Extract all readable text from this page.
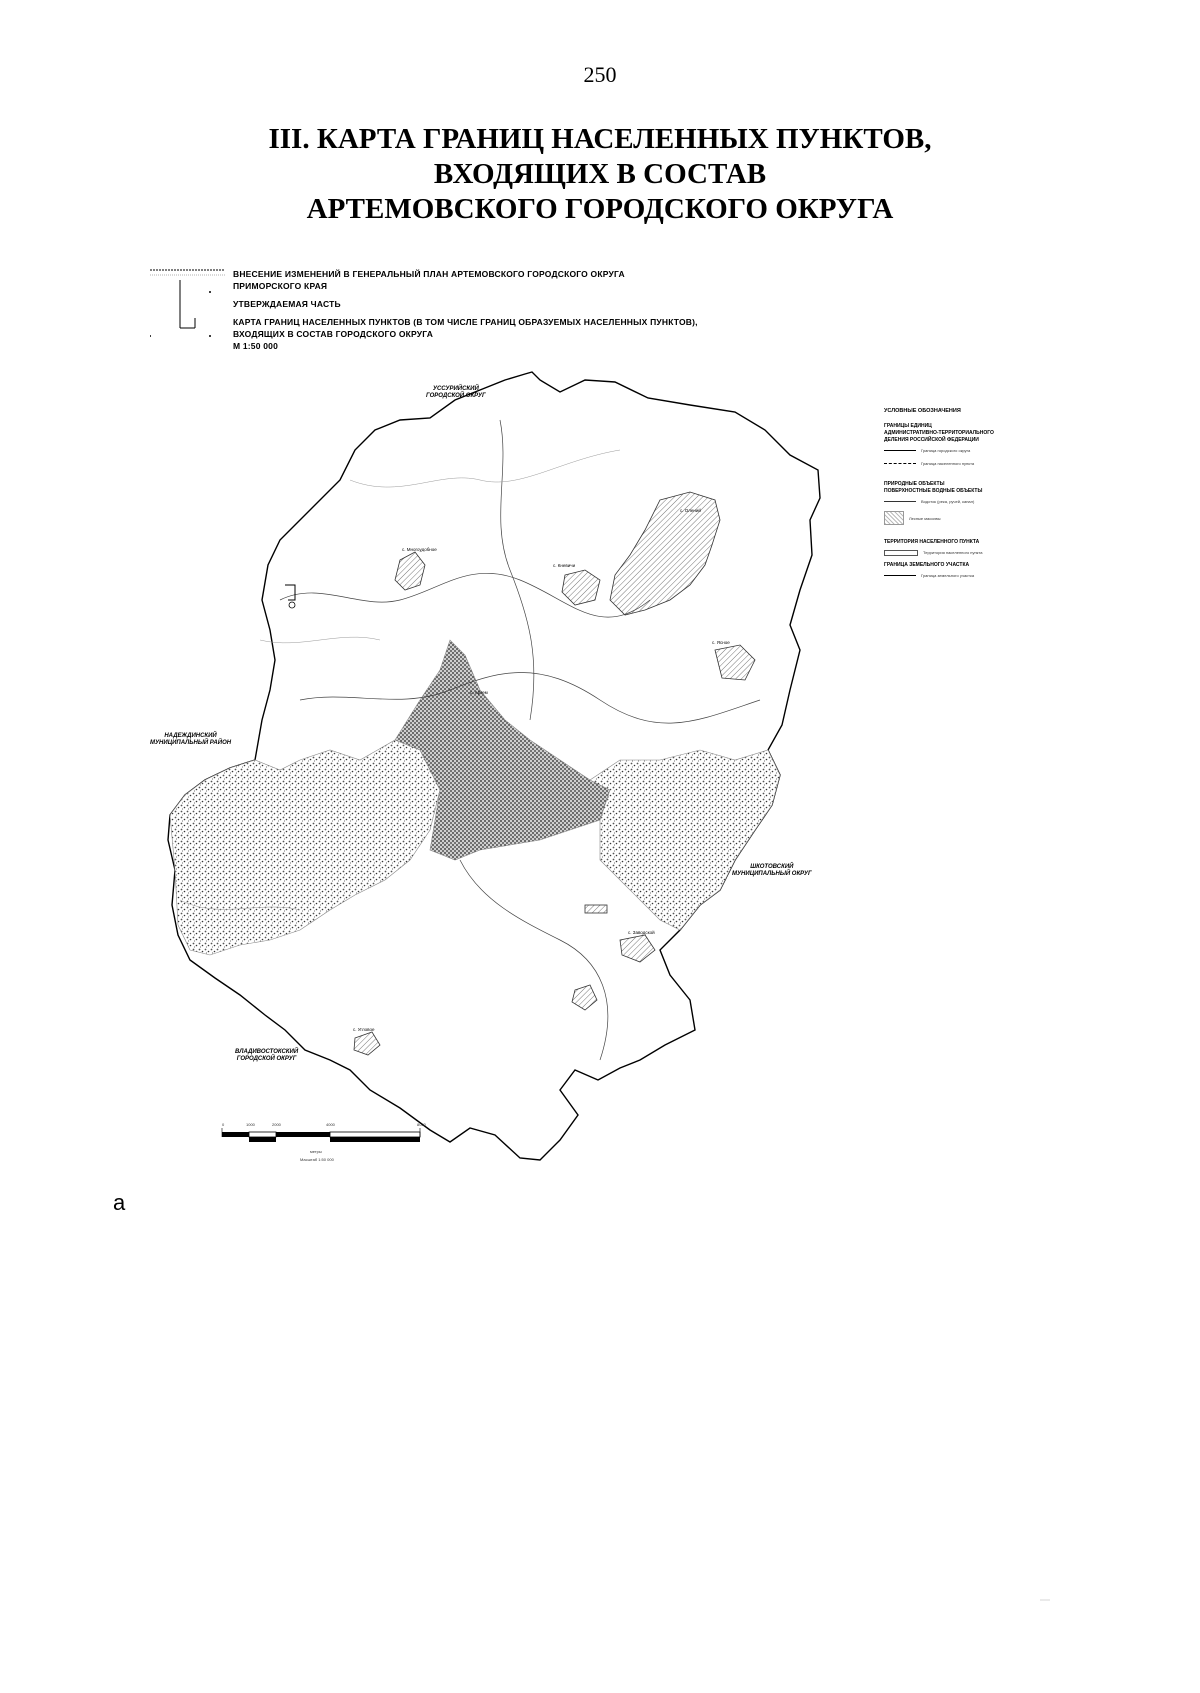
250
III. КАРТА ГРАНИЦ НАСЕЛЕННЫХ ПУНКТОВ,
ВХОДЯЩИХ В СОСТАВ
АРТЕМОВСКОГО ГОРОДСКОГО ОКРУГА
ВНЕСЕНИЕ ИЗМЕНЕНИЙ В ГЕНЕРАЛЬНЫЙ ПЛАН АРТЕМОВСКОГО ГОРОДСКОГО ОКРУГА
ПРИМОРСКОГО КРАЯ
УТВЕРЖДАЕМАЯ ЧАСТЬ
КАРТА ГРАНИЦ НАСЕЛЕННЫХ ПУНКТОВ (В ТОМ ЧИСЛЕ ГРАНИЦ ОБРАЗУЕМЫХ НАСЕЛЕННЫХ ПУНКТОВ),
ВХОДЯЩИХ В СОСТАВ ГОРОДСКОГО ОКРУГА
М 1:50 000
УССУРИЙСКИЙ
ГОРОДСКОЙ ОКРУГ
НАДЕЖДИНСКИЙ
МУНИЦИПАЛЬНЫЙ РАЙОН
ШКОТОВСКИЙ
МУНИЦИПАЛЬНЫЙ ОКРУГ
ВЛАДИВОСТОКСКИЙ
ГОРОДСКОЙ ОКРУГ
с. Многоудобное
с. Кневичи
с. Олений
с. Ясное
с. Артем
с. Заводской
с. Угловое
УСЛОВНЫЕ ОБОЗНАЧЕНИЯ
ГРАНИЦЫ ЕДИНИЦ
АДМИНИСТРАТИВНО-ТЕРРИТОРИАЛЬНОГО
ДЕЛЕНИЯ РОССИЙСКОЙ ФЕДЕРАЦИИ
Граница городского округа
Граница населенного пункта
ПРИРОДНЫЕ ОБЪЕКТЫ
ПОВЕРХНОСТНЫЕ ВОДНЫЕ ОБЪЕКТЫ
Водоток (река, ручей, канал)
Лесные массивы
ТЕРРИТОРИЯ НАСЕЛЕННОГО ПУНКТА
Территория населенного пункта
ГРАНИЦА ЗЕМЕЛЬНОГО УЧАСТКА
Граница земельного участка
0	1000	2000	4000	8000
метры
Масштаб 1:50 000
а
